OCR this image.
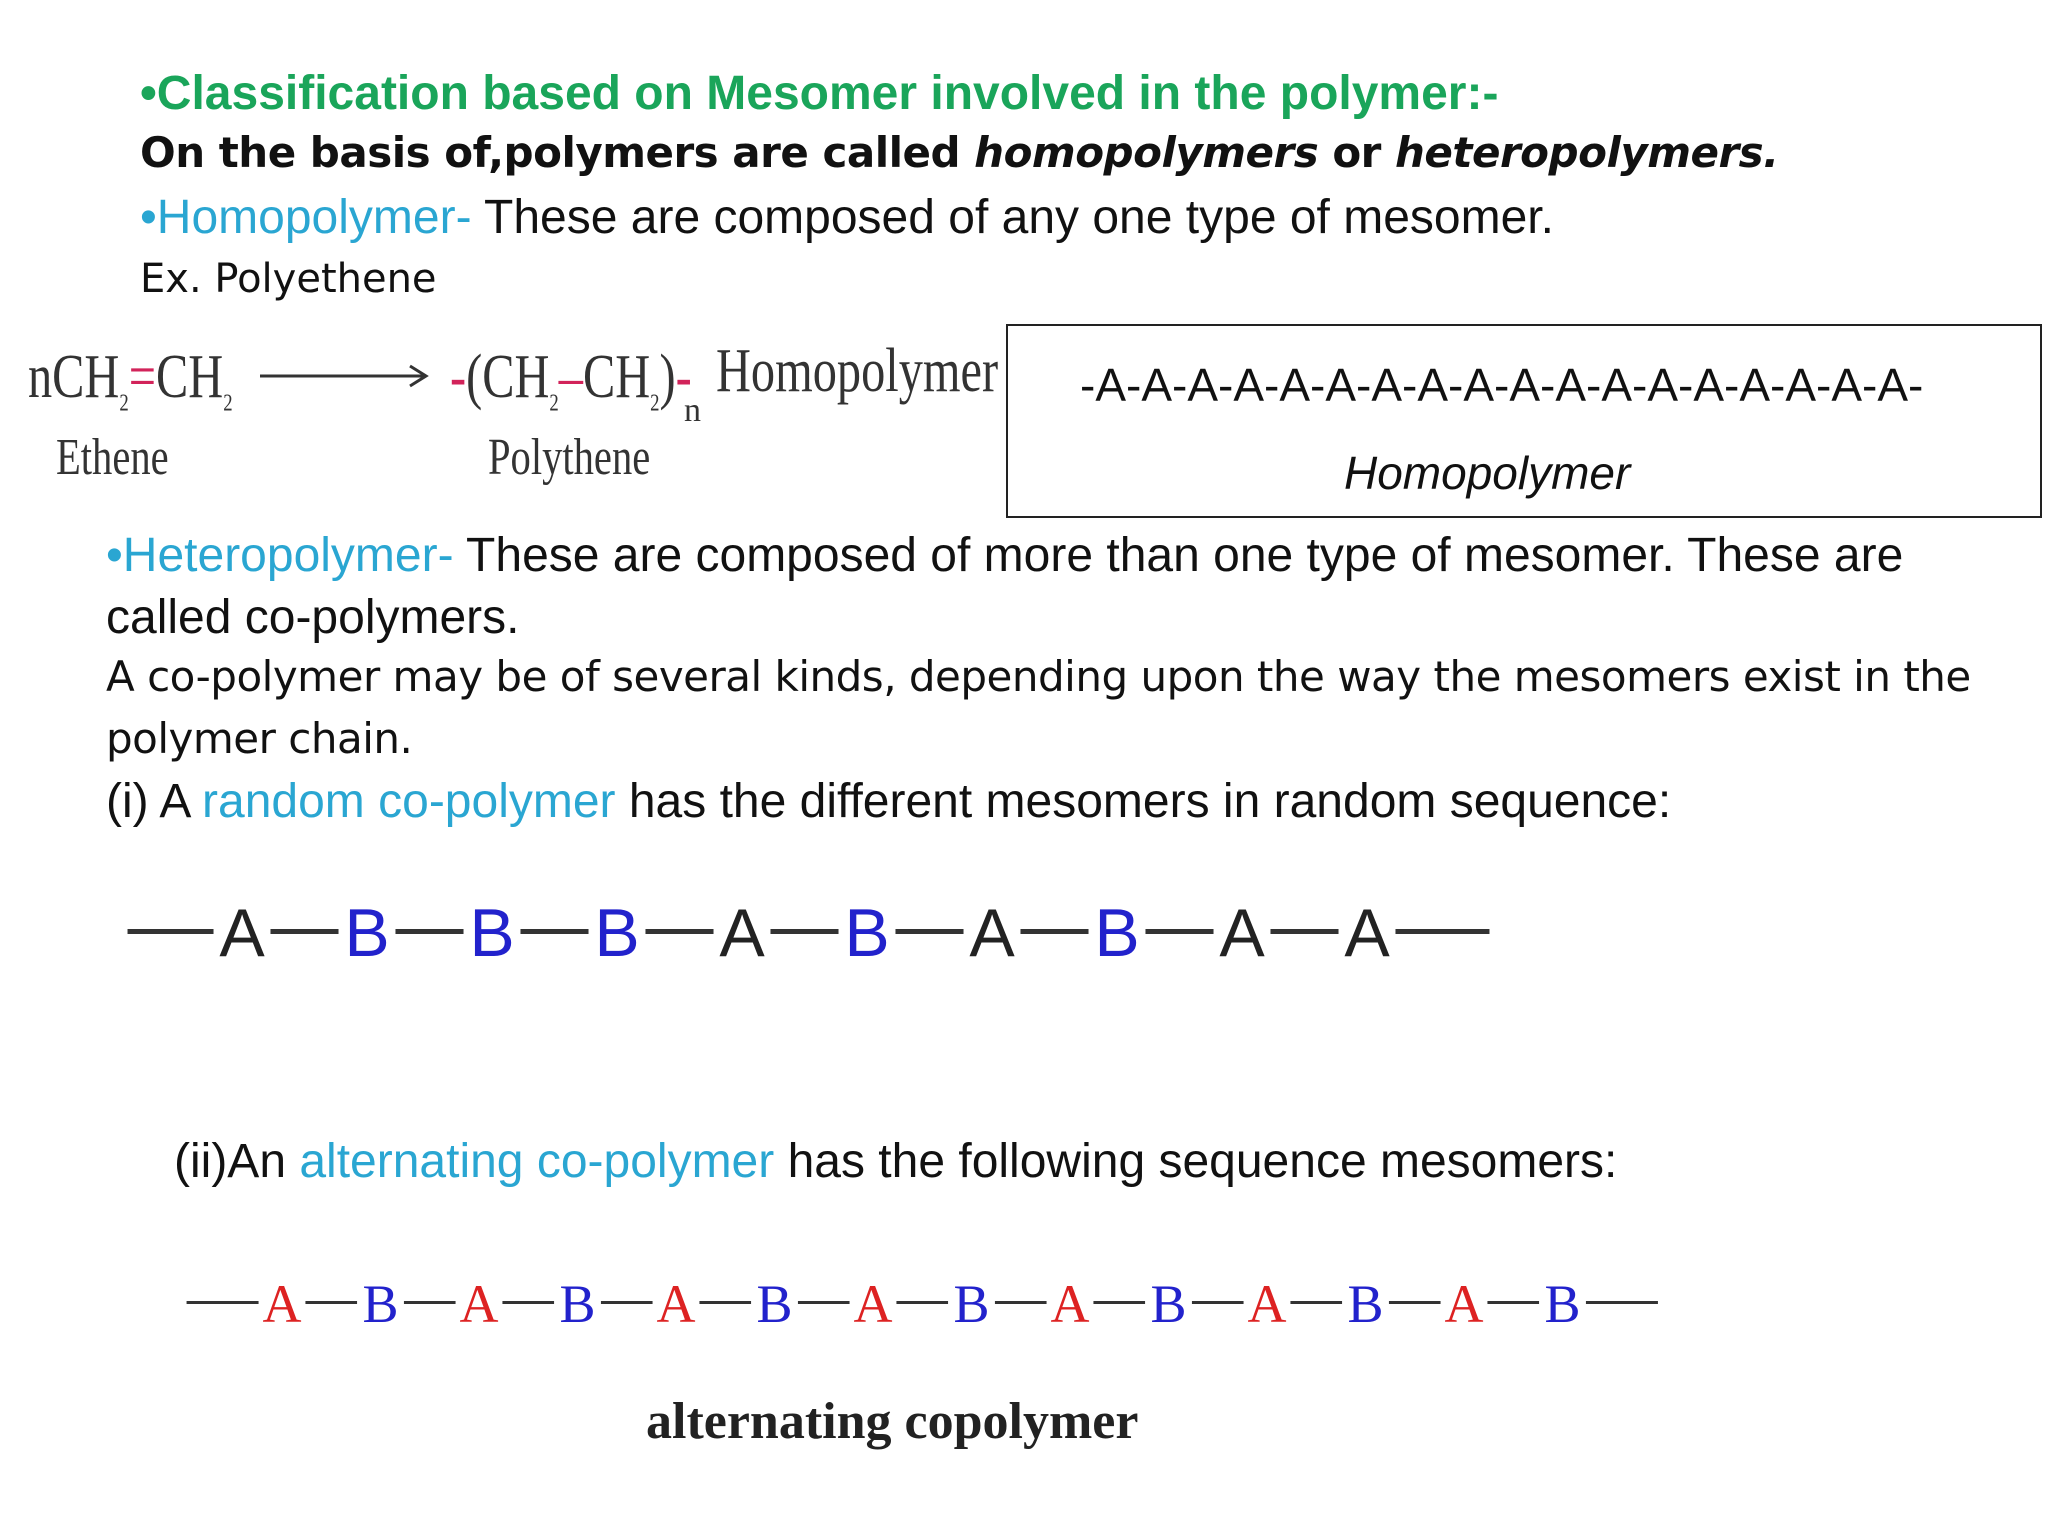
•Classification based on Mesomer involved in the polymer:-
On the basis of,polymers are called homopolymers or heteropolymers.
•Homopolymer- These are composed of any one type of mesomer.
Ex. Polyethene
$nCH_2=CH_2$	$-(CH_2-CH_2)-$
n
Homopolymer
Ethene	Polythene
-A-A-A-A-A-A-A-A-A-A-A-A-A-A-A-A-A-A-
Homopolymer
•Heteropolymer- These are composed of more than one type of mesomer. These are
called co-polymers.
A co-polymer may be of several kinds, depending upon the way the mesomers exist in the
polymer chain.
(i) A random co-polymer has the different mesomers in random sequence:
A B B B A B A B A A
(ii)An alternating co-polymer has the following sequence mesomers:
A B A B A B A B A B A B A B
alternating copolymer
